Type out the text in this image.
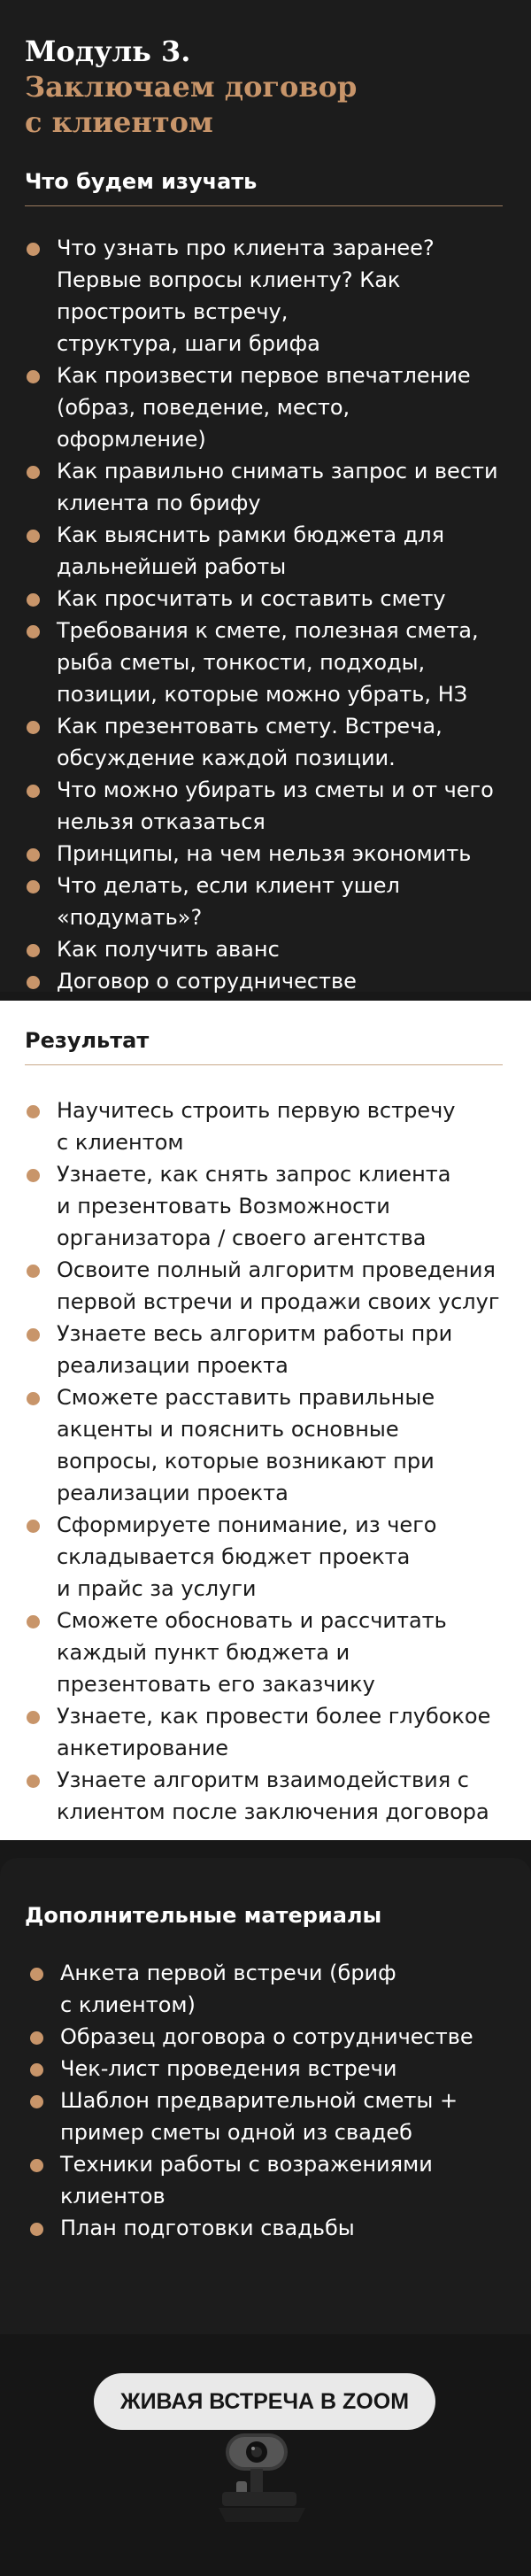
Модуль 3.
Заключаем договор
с клиентом
Что будем изучать
Что узнать про клиента заранее?
Первые вопросы клиенту? Как
простроить встречу,
структура, шаги брифа
Как произвести первое впечатление (образ, поведение, место, оформление)
Как правильно снимать запрос и вести клиента по брифу
Как выяснить рамки бюджета для дальнейшей работы
Как просчитать и составить смету
Требования к смете, полезная смета, рыба сметы, тонкости, подходы, позиции, которые можно убрать, НЗ
Как презентовать смету. Встреча, обсуждение каждой позиции.
Что можно убирать из сметы и от чего нельзя отказаться
Принципы, на чем нельзя экономить
Что делать, если клиент ушел «подумать»?
Как получить аванс
Договор о сотрудничестве
Результат
Научитесь строить первую встречу
с клиентом
Узнаете, как снять запрос клиента
и презентовать Возможности
организатора / своего агентства
Освоите полный алгоритм проведения первой встречи и продажи своих услуг
Узнаете весь алгоритм работы при реализации проекта
Сможете расставить правильные акценты и пояснить основные вопросы, которые возникают при реализации проекта
Сформируете понимание, из чего складывается бюджет проекта
и прайс за услуги
Сможете обосновать и рассчитать каждый пункт бюджета и презентовать его заказчику
Узнаете, как провести более глубокое анкетирование
Узнаете алгоритм взаимодействия с клиентом после заключения договора
Дополнительные материалы
Анкета первой встречи (бриф
с клиентом)
Образец договора о сотрудничестве
Чек-лист проведения встречи
Шаблон предварительной сметы +
пример сметы одной из свадеб
Техники работы с возражениями клиентов
План подготовки свадьбы
ЖИВАЯ ВСТРЕЧА В ZOOM
